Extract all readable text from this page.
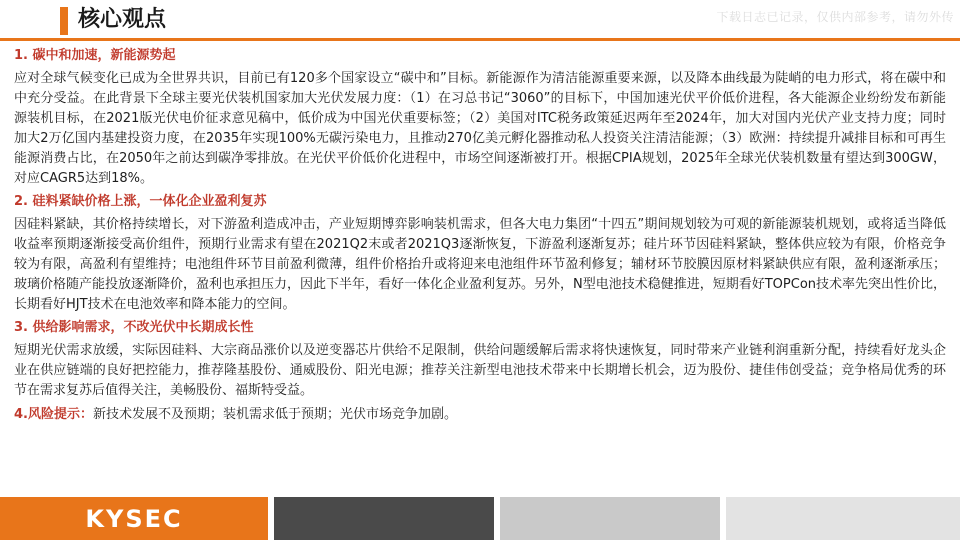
核心观点	下载日志已记录，仅供内部参考，请勿外传

1. 碳中和加速，新能源势起

应对全球气候变化已成为全世界共识，目前已有120多个国家设立“碳中和”目标。新能源作为清洁能源重要来源，以及降本曲线最为陡峭的电力形式，将在碳中和中充分受益。在此背景下全球主要光伏装机国家加大光伏发展力度：（1）在习总书记“3060”的目标下，中国加速光伏平价低价进程，各大能源企业纷纷发布新能源装机目标，在2021版光伏电价征求意见稿中，低价成为中国光伏重要标签；（2）美国对ITC税务政策延迟两年至2024年，加大对国内光伏产业支持力度；同时加大2万亿国内基建投资力度，在2035年实现100%无碳污染电力，且推动270亿美元孵化器推动私人投资关注清洁能源；（3）欧洲：持续提升减排目标和可再生能源消费占比，在2050年之前达到碳净零排放。在光伏平价低价化进程中，市场空间逐渐被打开。根据CPIA规划，2025年全球光伏装机数量有望达到300GW，对应CAGR5达到18%。

2. 硅料紧缺价格上涨，一体化企业盈利复苏

因硅料紧缺，其价格持续增长，对下游盈利造成冲击，产业短期博弈影响装机需求，但各大电力集团“十四五”期间规划较为可观的新能源装机规划，或将适当降低收益率预期逐渐接受高价组件，预期行业需求有望在2021Q2末或者2021Q3逐渐恢复，下游盈利逐渐复苏；硅片环节因硅料紧缺，整体供应较为有限，价格竞争较为有限，高盈利有望维持；电池组件环节目前盈利微薄，组件价格抬升或将迎来电池组件环节盈利修复；辅材环节胶膜因原材料紧缺供应有限，盈利逐渐承压；玻璃价格随产能投放逐渐降价，盈利也承担压力，因此下半年，看好一体化企业盈利复苏。另外，N型电池技术稳健推进，短期看好TOPCon技术率先突出性价比，长期看好HJT技术在电池效率和降本能力的空间。

3. 供给影响需求，不改光伏中长期成长性

短期光伏需求放缓，实际因硅料、大宗商品涨价以及逆变器芯片供给不足限制，供给问题缓解后需求将快速恢复，同时带来产业链利润重新分配，持续看好龙头企业在供应链端的良好把控能力，推荐隆基股份、通威股份、阳光电源；推荐关注新型电池技术带来中长期增长机会，迈为股份、捷佳伟创受益；竞争格局优秀的环节在需求复苏后值得关注，美畅股份、福斯特受益。

4.风险提示：新技术发展不及预期；装机需求低于预期；光伏市场竞争加剧。
KYSEC
